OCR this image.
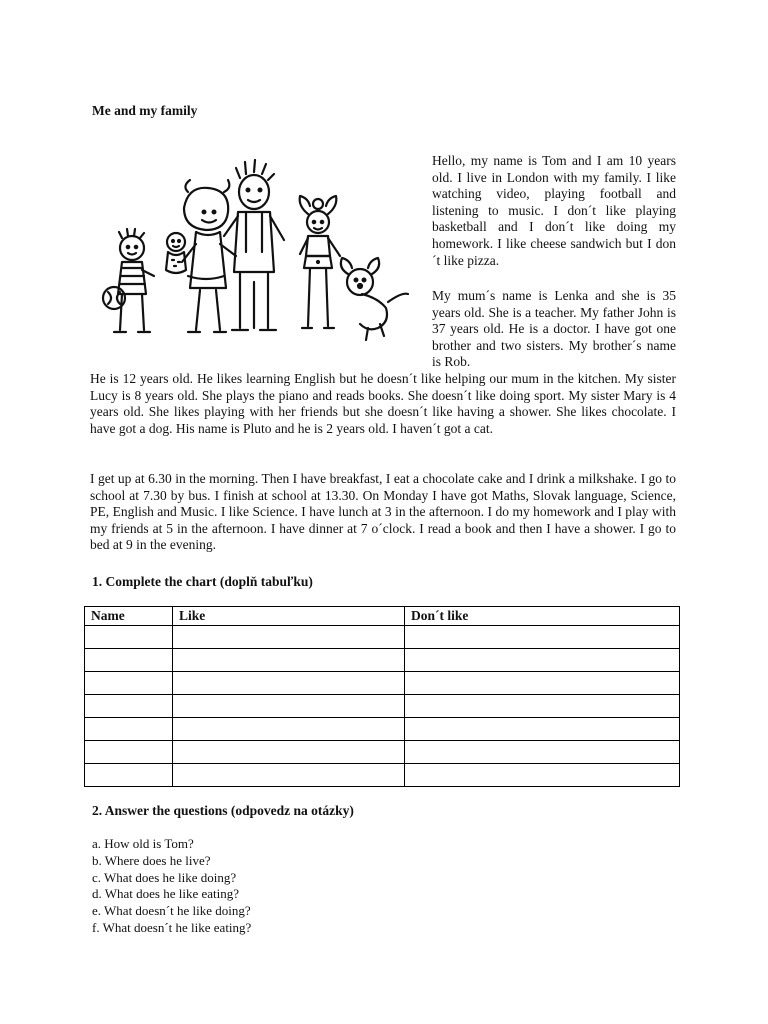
Me and my family

Hello, my name is Tom and I am 10 years old. I live in London with my family. I like watching video, playing football and listening to music. I don´t like playing basketball and I don´t like doing my homework. I like cheese sandwich but I don´t like pizza.

My mum´s name is Lenka and she is 35 years old. She is a teacher. My father John is 37 years old. He is a doctor. I have got one brother and two sisters. My brother´s name is Rob.

He is 12 years old. He likes learning English but he doesn´t like helping our mum in the kitchen. My sister Lucy is 8 years old. She plays the piano and reads books. She doesn´t like doing sport. My sister Mary is 4 years old. She likes playing with her friends but she doesn´t like having a shower. She likes chocolate. I have got a dog. His name is Pluto and he is 2 years old. I haven´t got a cat.

I get up at 6.30 in the morning. Then I have breakfast, I eat a chocolate cake and I drink a milkshake. I go to school at 7.30 by bus. I finish at school at 13.30. On Monday I have got Maths, Slovak language, Science, PE, English and Music. I like Science. I have lunch at 3 in the afternoon. I do my homework and I play with my friends at 5 in the afternoon. I have dinner at 7 o´clock. I read a book and then I have a shower. I go to bed at 9 in the evening.

1. Complete the chart (doplň tabuľku)
Name	Like	Don´t like

2. Answer the questions (odpovedz na otázky)
a. How old is Tom?
b. Where does he live?
c. What does he like doing?
d. What does he like eating?
e. What doesn´t he like doing?
f. What doesn´t he like eating?
